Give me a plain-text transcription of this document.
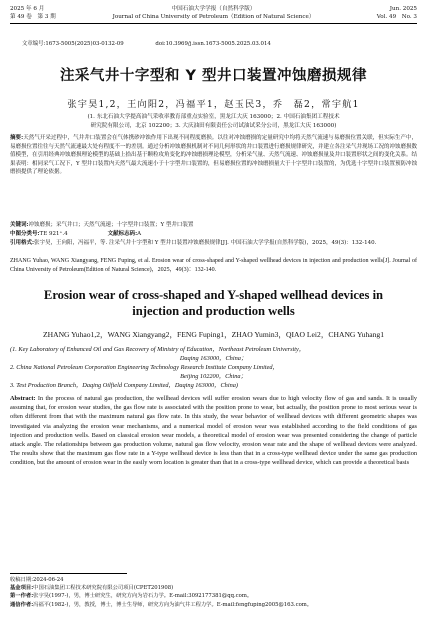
2025 年 6 月	中国石油大学学报（自然科学版）	Jun. 2025
第 49 卷　第 3 期	Journal of China University of Petroleum（Edition of Natural Science）	Vol. 49　No. 3
文章编号:1673-5005(2025)03-0132-09	doi:10.3969/j.issn.1673-5005.2025.03.014
注采气井十字型和 Y 型井口装置冲蚀磨损规律
张宇昊1,2，王向阳2，冯福平1，赵玉民3，乔　磊2，常宇航1
(1. 东北石油大学提高油气采收率教育部重点实验室，黑龙江大庆 163000；2. 中国石油集团工程技术
研究院有限公司，北京 102200；3. 大庆油田有限责任公司试油试采分公司，黑龙江大庆 163000)
摘要:天然气开采过程中，气井井口装置会在气体携砂冲蚀作用下出现不同程度磨损。以往对冲蚀磨损的定量研究中均将天然气流速与易磨损位置关联，但实际生产中，易磨损位置往往与天然气流速最大处有程度不一的差别。通过分析冲蚀磨损机制对不同几何形状的井口装置进行磨损规律研究，并建立各注采气井现场工况的冲蚀磨损数值模型，在引用经典冲蚀磨损理论模型的基础上拾出基于颗粒攻角变化的冲蚀磨损理论模型，分析采气量、天然气流速、冲蚀磨损量及井口装置形状之间的变化关系。结果表明：相同采气工况下，Y 型井口装置内天然气最大流速小于十字型井口装置的，但易磨损位置的冲蚀磨损量大于十字型井口装置的，为优选十字型井口装置预防冲蚀磨损提供了理论依据。
关键词:冲蚀磨损；采气井口；天然气流速；十字型井口装置；Y 型井口装置
中图分类号:TE 921⁺.4	文献标志码:A
引用格式:张宇昊，王向阳，冯福平，等. 注采气井十字型和 Y 型井口装置冲蚀磨损规律[J]. 中国石油大学学报(自然科学版)，2025，49(3)：132-140.
ZHANG Yuhao, WANG Xiangyang, FENG Fuping, et al. Erosion wear of cross-shaped and Y-shaped wellhead devices in injection and production wells[J]. Journal of China University of Petroleum(Edition of Natural Science)，2025，49(3)：132-140.
Erosion wear of cross-shaped and Y-shaped wellhead devices in injection and production wells
ZHANG Yuhao1,2，WANG Xiangyang2，FENG Fuping1，ZHAO Yumin3，QIAO Lei2，CHANG Yuhang1
(1. Key Laboratory of Enhanced Oil and Gas Recovery of Ministry of Education，Northeast Petroleum University，
Daqing 163000，China；
2. China National Petroleum Corporation Engineering Technology Research Institute Company Limited，
Beijing 102200，China；
3. Test Production Branch，Daqing Oilfield Company Limited，Daqing 163000，China)
Abstract: In the process of natural gas production, the wellhead devices will suffer erosion wears due to high velocity flow of gas and sands. It is usually assuming that, for erosion wear studies, the gas flow rate is associated with the position prone to wear, but actually, the position prone to most serious wear is often different from that with the maximum natural gas flow rate. In this study, the wear behavior of wellhead devices with different geometric shapes was investigated via analyzing the erosion wear mechanisms, and a numerical model of erosion wear was established according to the field conditions of gas injection and production wells. Based on classical erosion wear models, a theoretical model of erosion wear was presented considering the change of particle attack angle. The relationships between gas production volume, natural gas flow velocity, erosion wear rate and the shape of wellhead devices were analyzed. The results show that the maximum gas flow rate in a Y-type wellhead device is less than that in a cross-type wellhead device under the same gas production condition, but the amount of erosion wear in the easily worn location is greater than that in a cross-type wellhead device, which can provide a theoretical basis
收稿日期:2024-06-24
基金项目:中国石油集团工程技术研究院有限公司项目(CPET201908)
第一作者:张宇昊(1997-)，男，博士研究生，研究方向为岩石力学。E-mail:3092177381@qq.com。
通信作者:冯福平(1982-)，男，教授，博士，博士生导师，研究方向为油气井工程力学。E-mail:fengfuping2005@163.com。
